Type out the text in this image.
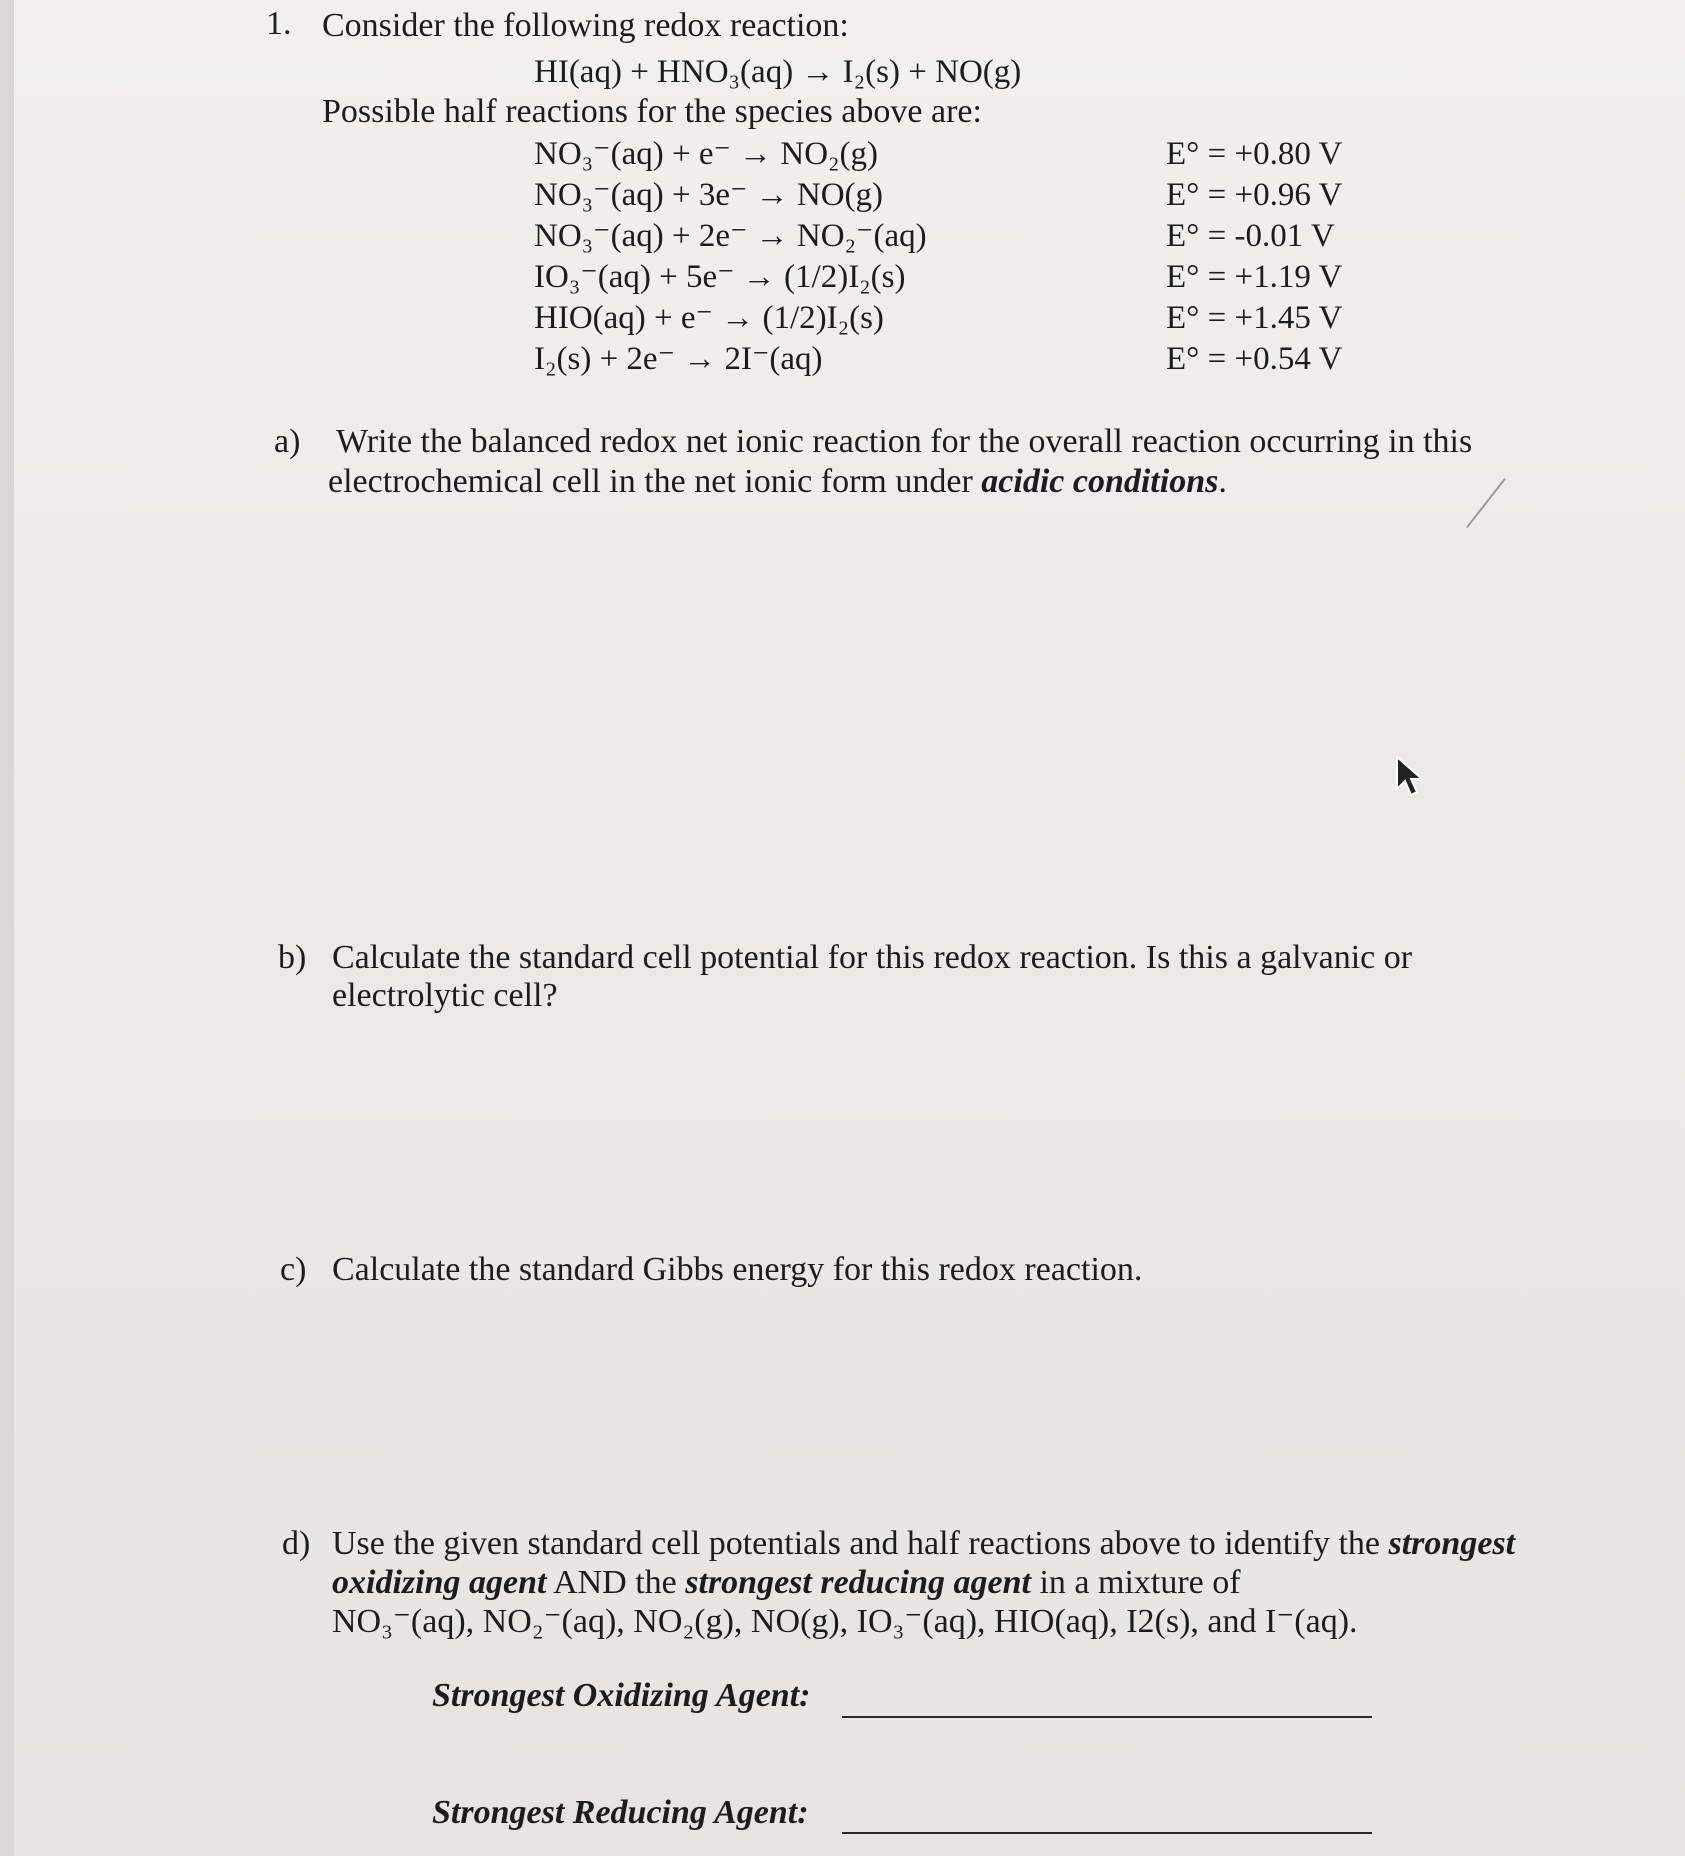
1. Consider the following redox reaction:
HI(aq) + HNO₃(aq) → I₂(s) + NO(g)
Possible half reactions for the species above are:
NO₃⁻(aq) + e⁻ → NO₂(g)	E° = +0.80 V
NO₃⁻(aq) + 3e⁻ → NO(g)	E° = +0.96 V
NO₃⁻(aq) + 2e⁻ → NO₂⁻(aq)	E° = -0.01 V
IO₃⁻(aq) + 5e⁻ → (1/2)I₂(s)	E° = +1.19 V
HIO(aq) + e⁻ → (1/2)I₂(s)	E° = +1.45 V
I₂(s) + 2e⁻ → 2I⁻(aq)	E° = +0.54 V
a) Write the balanced redox net ionic reaction for the overall reaction occurring in this
electrochemical cell in the net ionic form under acidic conditions.
b) Calculate the standard cell potential for this redox reaction. Is this a galvanic or
electrolytic cell?
c) Calculate the standard Gibbs energy for this redox reaction.
d) Use the given standard cell potentials and half reactions above to identify the strongest
oxidizing agent AND the strongest reducing agent in a mixture of
NO₃⁻(aq), NO₂⁻(aq), NO₂(g), NO(g), IO₃⁻(aq), HIO(aq), I2(s), and I⁻(aq).
Strongest Oxidizing Agent:
Strongest Reducing Agent:
